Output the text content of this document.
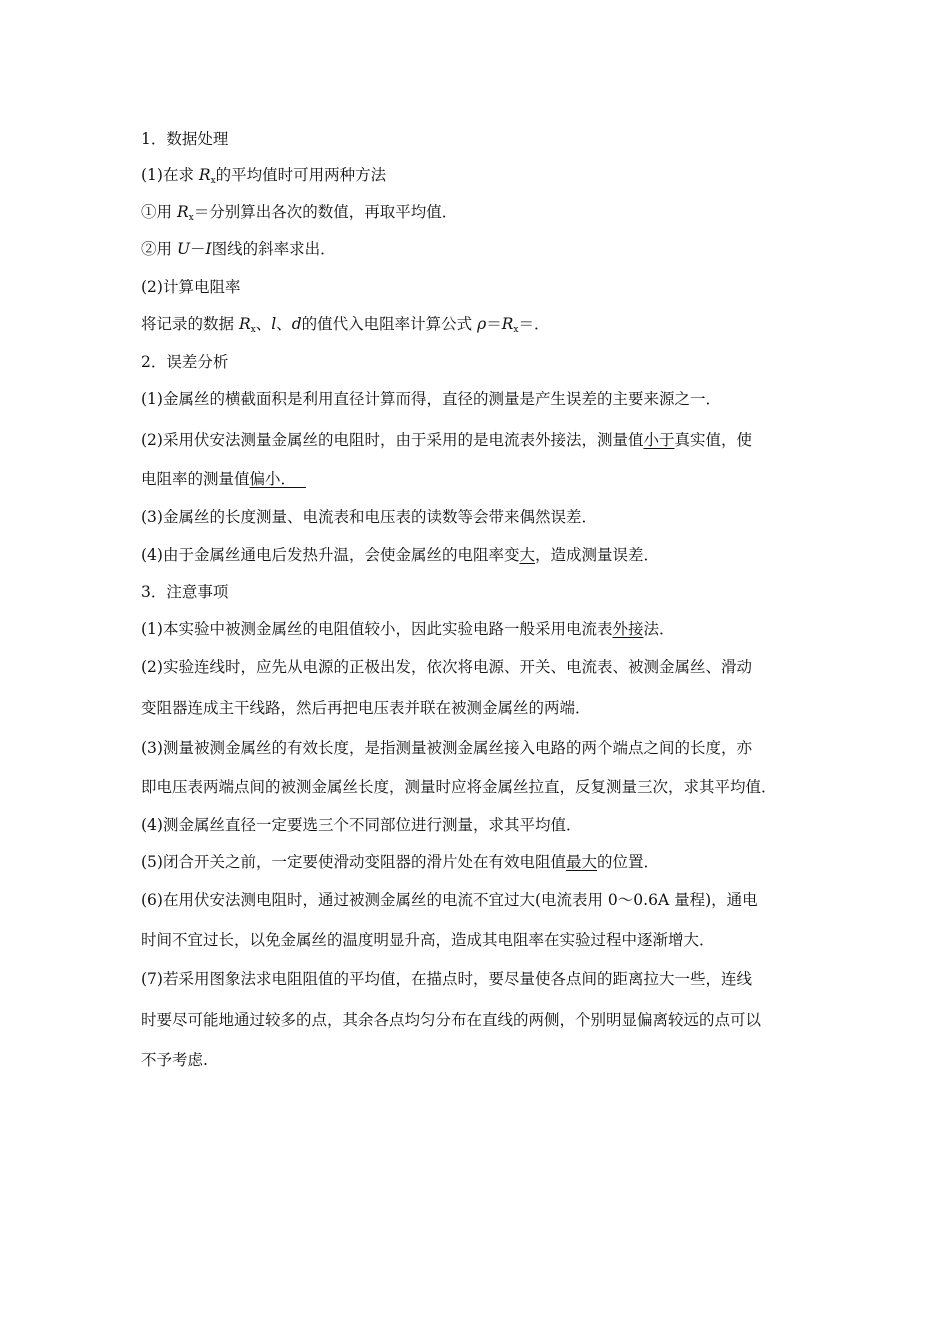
1．数据处理
(1)在求 $R_x$的平均值时可用两种方法
①用 $R_x=$分别算出各次的数值，再取平均值．
②用 U－I图线的斜率求出．
(2)计算电阻率
将记录的数据 $R_x$、l、d的值代入电阻率计算公式 $\rho=R_x=$．
2．误差分析
(1)金属丝的横截面积是利用直径计算而得，直径的测量是产生误差的主要来源之一．
(2)采用伏安法测量金属丝的电阻时，由于采用的是电流表外接法，测量值小于真实值，使
电阻率的测量值偏小．
(3)金属丝的长度测量、电流表和电压表的读数等会带来偶然误差．
(4)由于金属丝通电后发热升温，会使金属丝的电阻率变大，造成测量误差．
3．注意事项
(1)本实验中被测金属丝的电阻值较小，因此实验电路一般采用电流表外接法．
(2)实验连线时，应先从电源的正极出发，依次将电源、开关、电流表、被测金属丝、滑动
变阻器连成主干线路，然后再把电压表并联在被测金属丝的两端．
(3)测量被测金属丝的有效长度，是指测量被测金属丝接入电路的两个端点之间的长度，亦
即电压表两端点间的被测金属丝长度，测量时应将金属丝拉直，反复测量三次，求其平均值．
(4)测金属丝直径一定要选三个不同部位进行测量，求其平均值．
(5)闭合开关之前，一定要使滑动变阻器的滑片处在有效电阻值最大的位置．
(6)在用伏安法测电阻时，通过被测金属丝的电流不宜过大(电流表用 0～0.6A 量程)，通电
时间不宜过长，以免金属丝的温度明显升高，造成其电阻率在实验过程中逐渐增大．
(7)若采用图象法求电阻阻值的平均值，在描点时，要尽量使各点间的距离拉大一些，连线
时要尽可能地通过较多的点，其余各点均匀分布在直线的两侧，个别明显偏离较远的点可以
不予考虑.
